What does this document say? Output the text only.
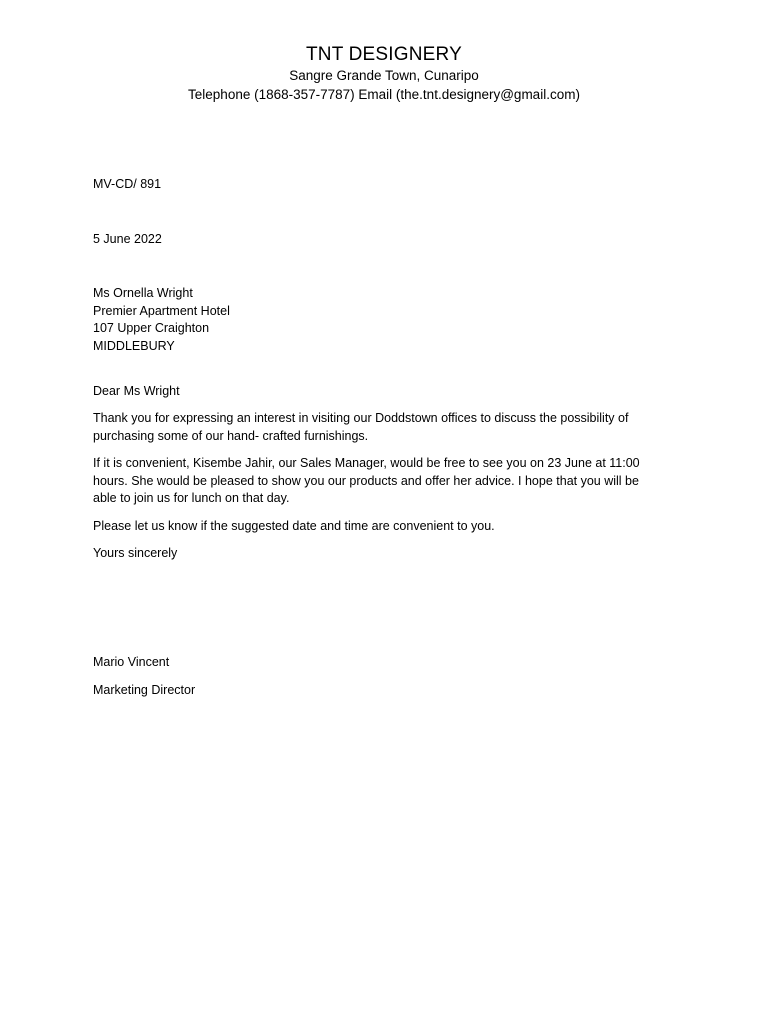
TNT DESIGNERY
Sangre Grande Town, Cunaripo
Telephone (1868-357-7787) Email (the.tnt.designery@gmail.com)
MV-CD/ 891
5 June 2022
Ms Ornella Wright
Premier Apartment Hotel
107 Upper Craighton
MIDDLEBURY
Dear Ms Wright
Thank you for expressing an interest in visiting our Doddstown offices to discuss the possibility of
purchasing some of our hand- crafted furnishings.
If it is convenient, Kisembe Jahir, our Sales Manager, would be free to see you on 23 June at 11:00
hours. She would be pleased to show you our products and offer her advice. I hope that you will be
able to join us for lunch on that day.
Please let us know if the suggested date and time are convenient to you.
Yours sincerely
Mario Vincent
Marketing Director
